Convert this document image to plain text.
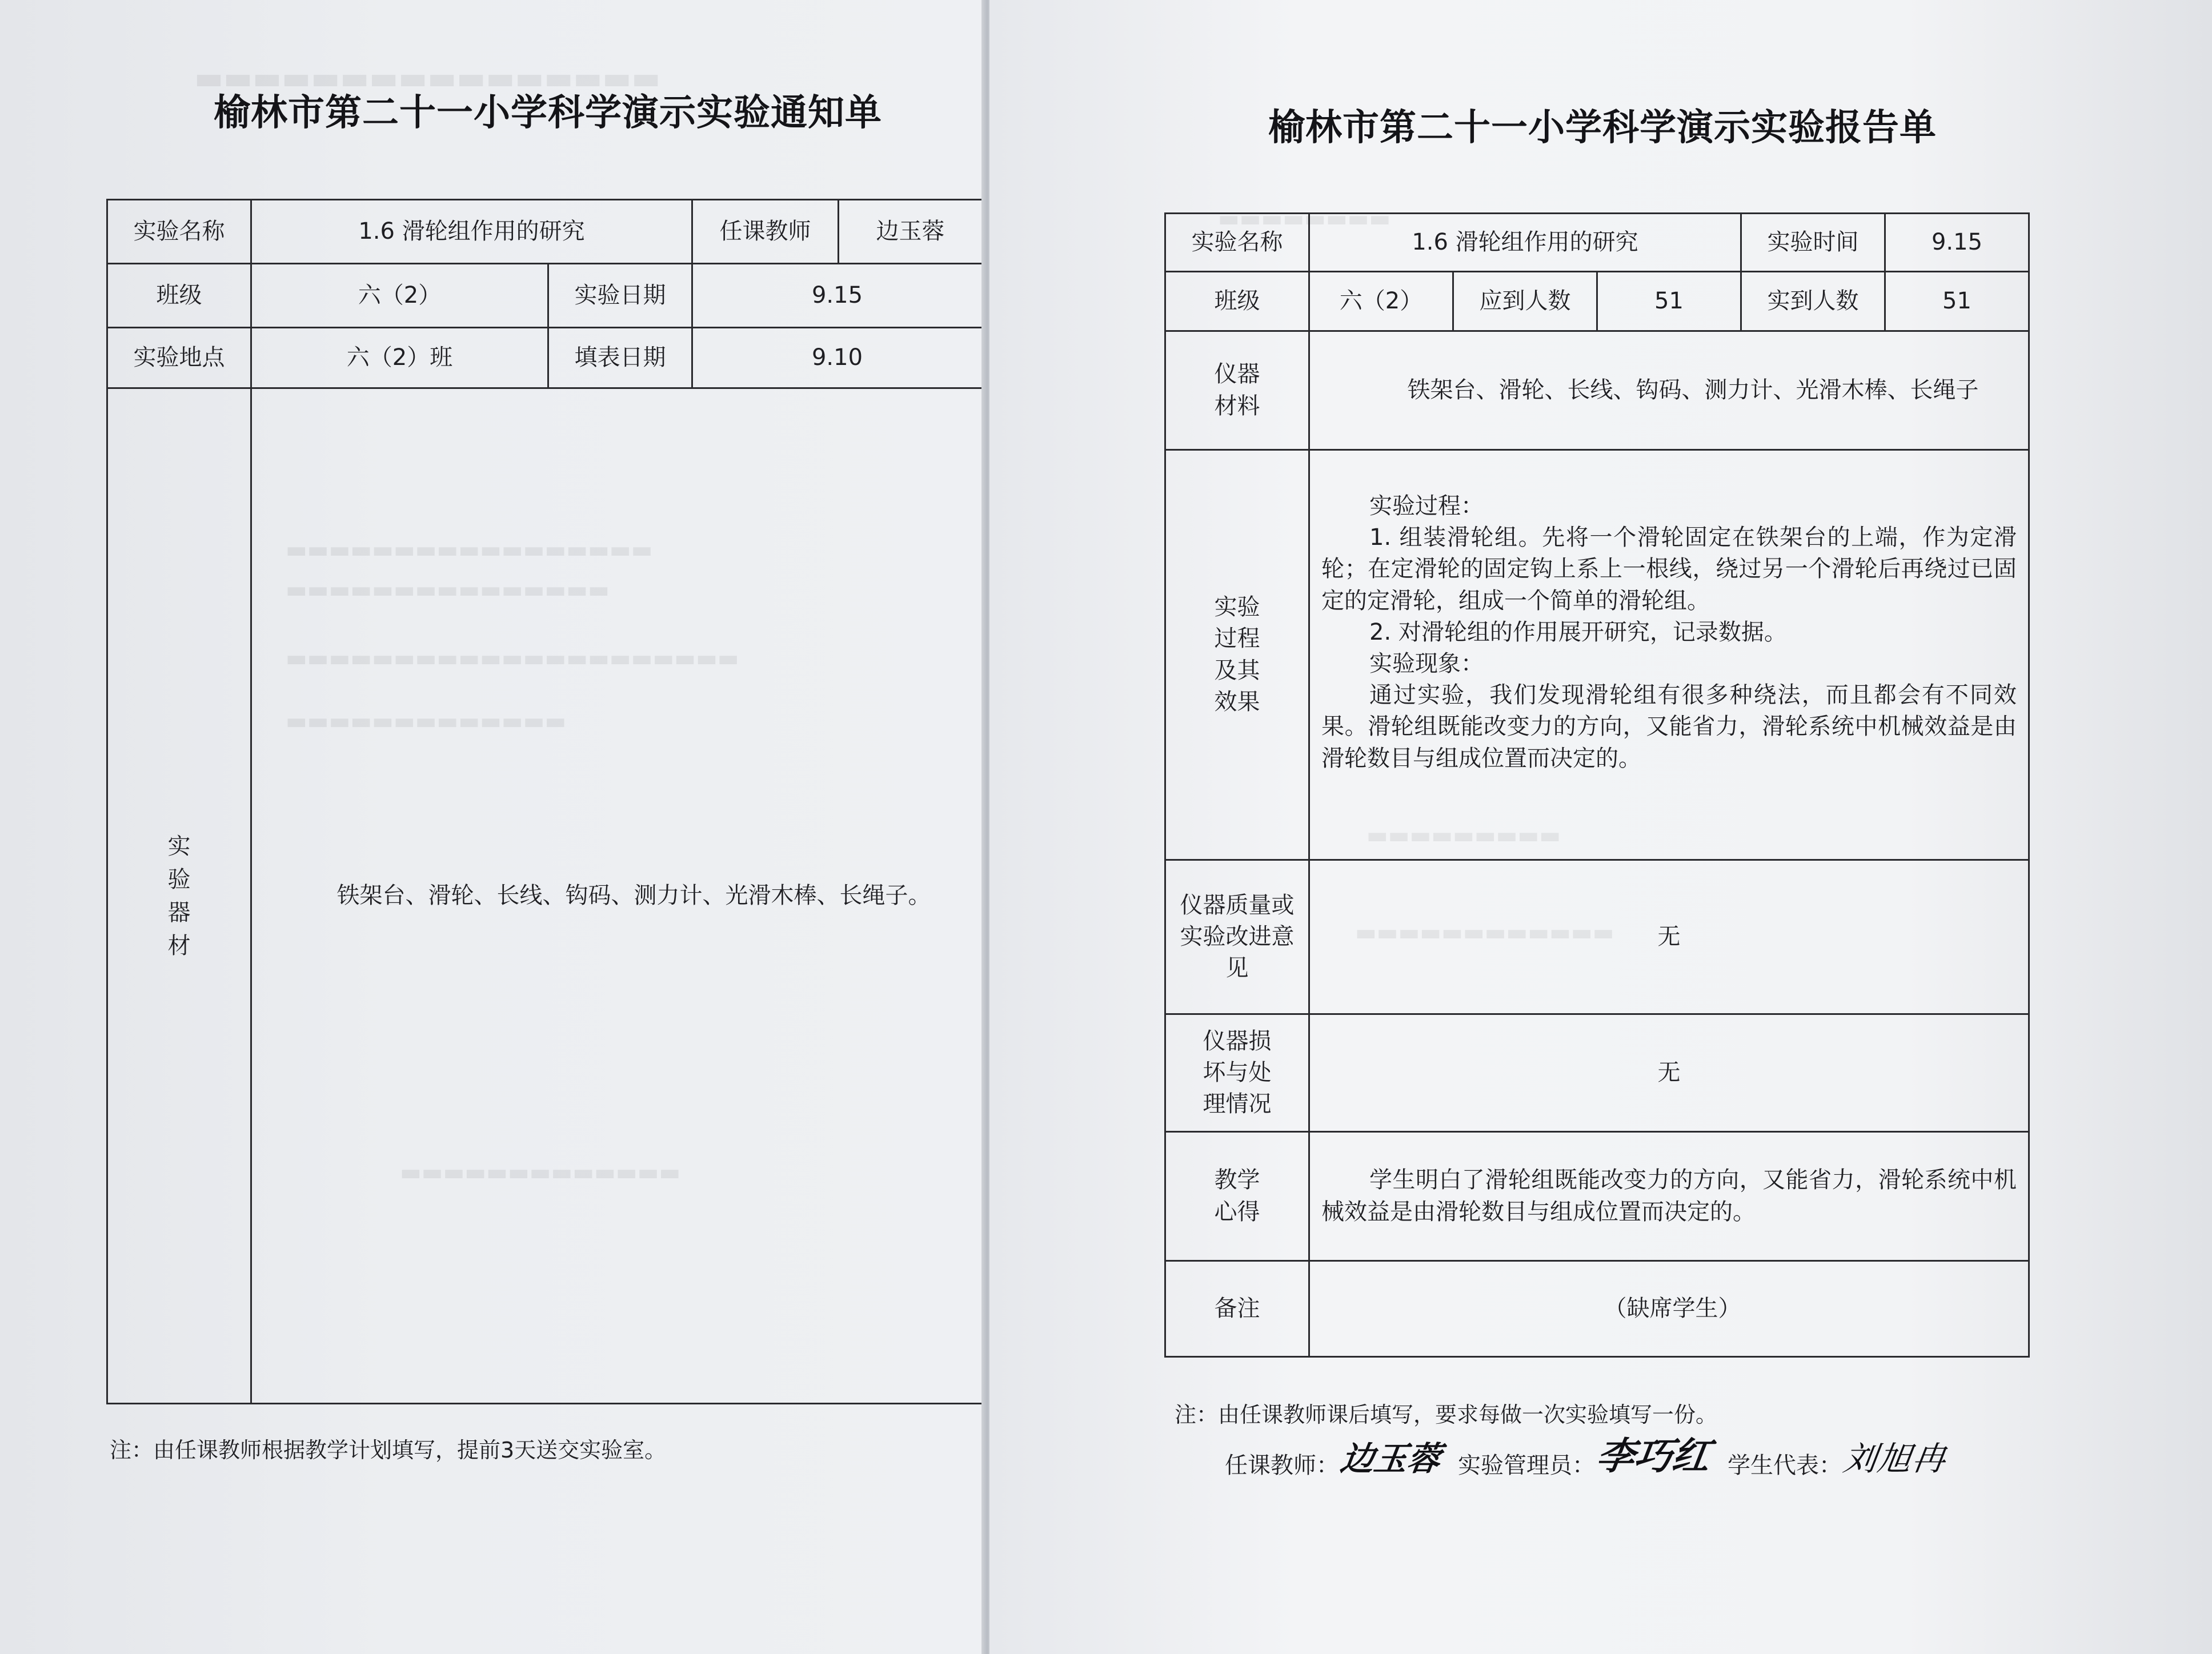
▬▬▬▬▬▬▬▬▬▬▬▬▬▬▬▬
▬▬▬▬▬▬▬▬▬▬▬▬▬▬▬▬▬
▬▬▬▬▬▬▬▬▬▬▬▬▬▬▬
▬▬▬▬▬▬▬▬▬▬▬▬▬▬▬▬▬▬▬▬▬
▬▬▬▬▬▬▬▬▬▬▬▬▬
▬▬▬▬▬▬▬▬▬▬▬▬▬
榆林市第二十一小学科学演示实验通知单
实验名称	1.6 滑轮组作用的研究		任课教师	边玉蓉
班级	六（2）	实验日期	9.15	
实验地点	六（2）班	填表日期	9.10	
实验器材	铁架台、滑轮、长线、钩码、测力计、光滑木棒、长绳子。			
注：由任课教师根据教学计划填写，提前3天送交实验室。
▬▬▬▬▬▬▬▬▬
▬▬▬▬▬▬▬▬▬▬▬▬
▬▬▬▬▬▬▬▬
榆林市第二十一小学科学演示实验报告单
实验名称	1.6 滑轮组作用的研究			实验时间	9.15
班级	六（2）	应到人数	51	实到人数	51
仪器材料	铁架台、滑轮、长线、钩码、测力计、光滑木棒、长绳子				
实验过程及其效果	实验过程：

1. 组装滑轮组。先将一个滑轮固定在铁架台的上端，作为定滑轮；在定滑轮的固定钩上系上一根线，绕过另一个滑轮后再绕过已固定的定滑轮，组成一个简单的滑轮组。

2. 对滑轮组的作用展开研究，记录数据。

实验现象：

通过实验，我们发现滑轮组有很多种绕法，而且都会有不同效果。滑轮组既能改变力的方向，又能省力，滑轮系统中机械效益是由滑轮数目与组成位置而决定的。				

仪器质量或实验改进意见	无				
仪器损坏与处理情况	无				
教学心得	学生明白了滑轮组既能改变力的方向，又能省力，滑轮系统中机械效益是由滑轮数目与组成位置而决定的。				

备注	（缺席学生）				
注：由任课教师课后填写，要求每做一次实验填写一份。
任课教师：
边玉蓉 实验管理员：
李巧红 学生代表：
刘旭冉
